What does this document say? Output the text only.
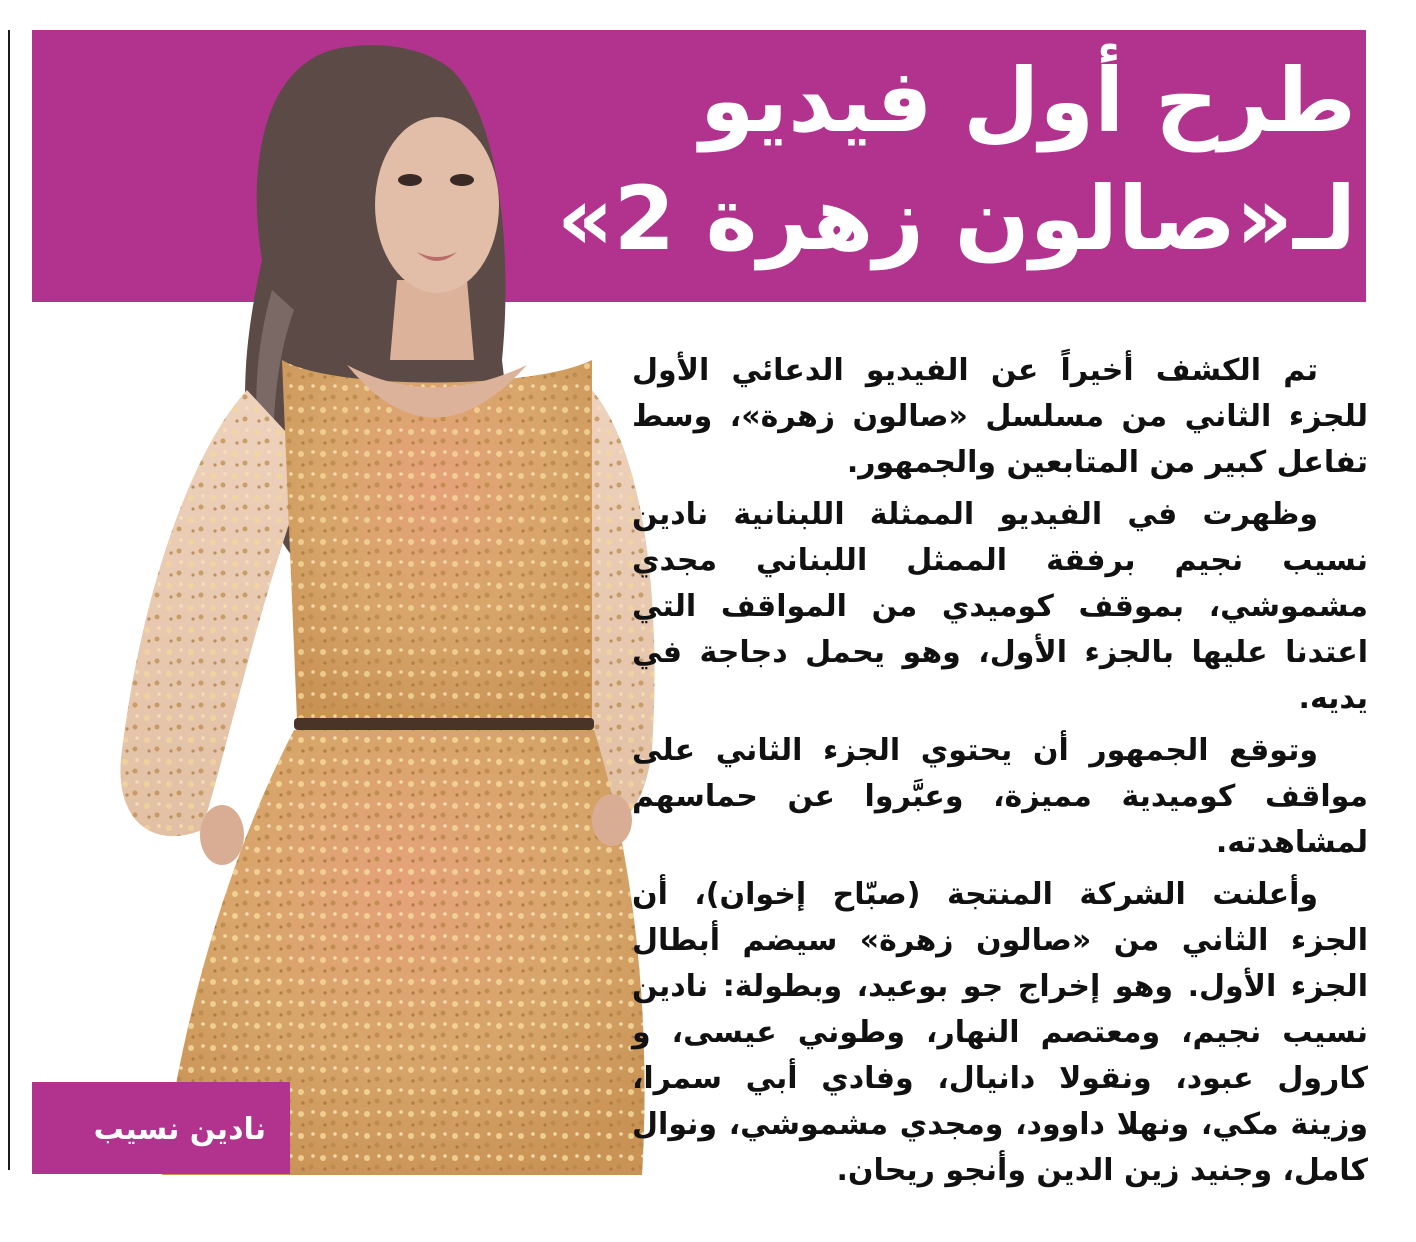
طرح أول فيديو
لـ«صالون زهرة 2»
نادين نسيب

تم الكشف أخيراً عن الفيديو الدعائي الأول للجزء الثاني من مسلسل «صالون زهرة»، وسط تفاعل كبير من المتابعين والجمهور.

وظهرت في الفيديو الممثلة اللبنانية نادين نسيب نجيم برفقة الممثل اللبناني مجدي مشموشي، بموقف كوميدي من المواقف التي اعتدنا عليها بالجزء الأول، وهو يحمل دجاجة في يديه.

وتوقع الجمهور أن يحتوي الجزء الثاني على مواقف كوميدية مميزة، وعبَّروا عن حماسهم لمشاهدته.

وأعلنت الشركة المنتجة (صبّاح إخوان)، أن الجزء الثاني من «صالون زهرة» سيضم أبطال الجزء الأول. وهو إخراج جو بوعيد، وبطولة: نادين نسيب نجيم، ومعتصم النهار، وطوني عيسى، و كارول عبود، ونقولا دانيال، وفادي أبي سمرا، وزينة مكي، ونهلا داوود، ومجدي مشموشي، ونوال كامل، وجنيد زين الدين وأنجو ريحان.
